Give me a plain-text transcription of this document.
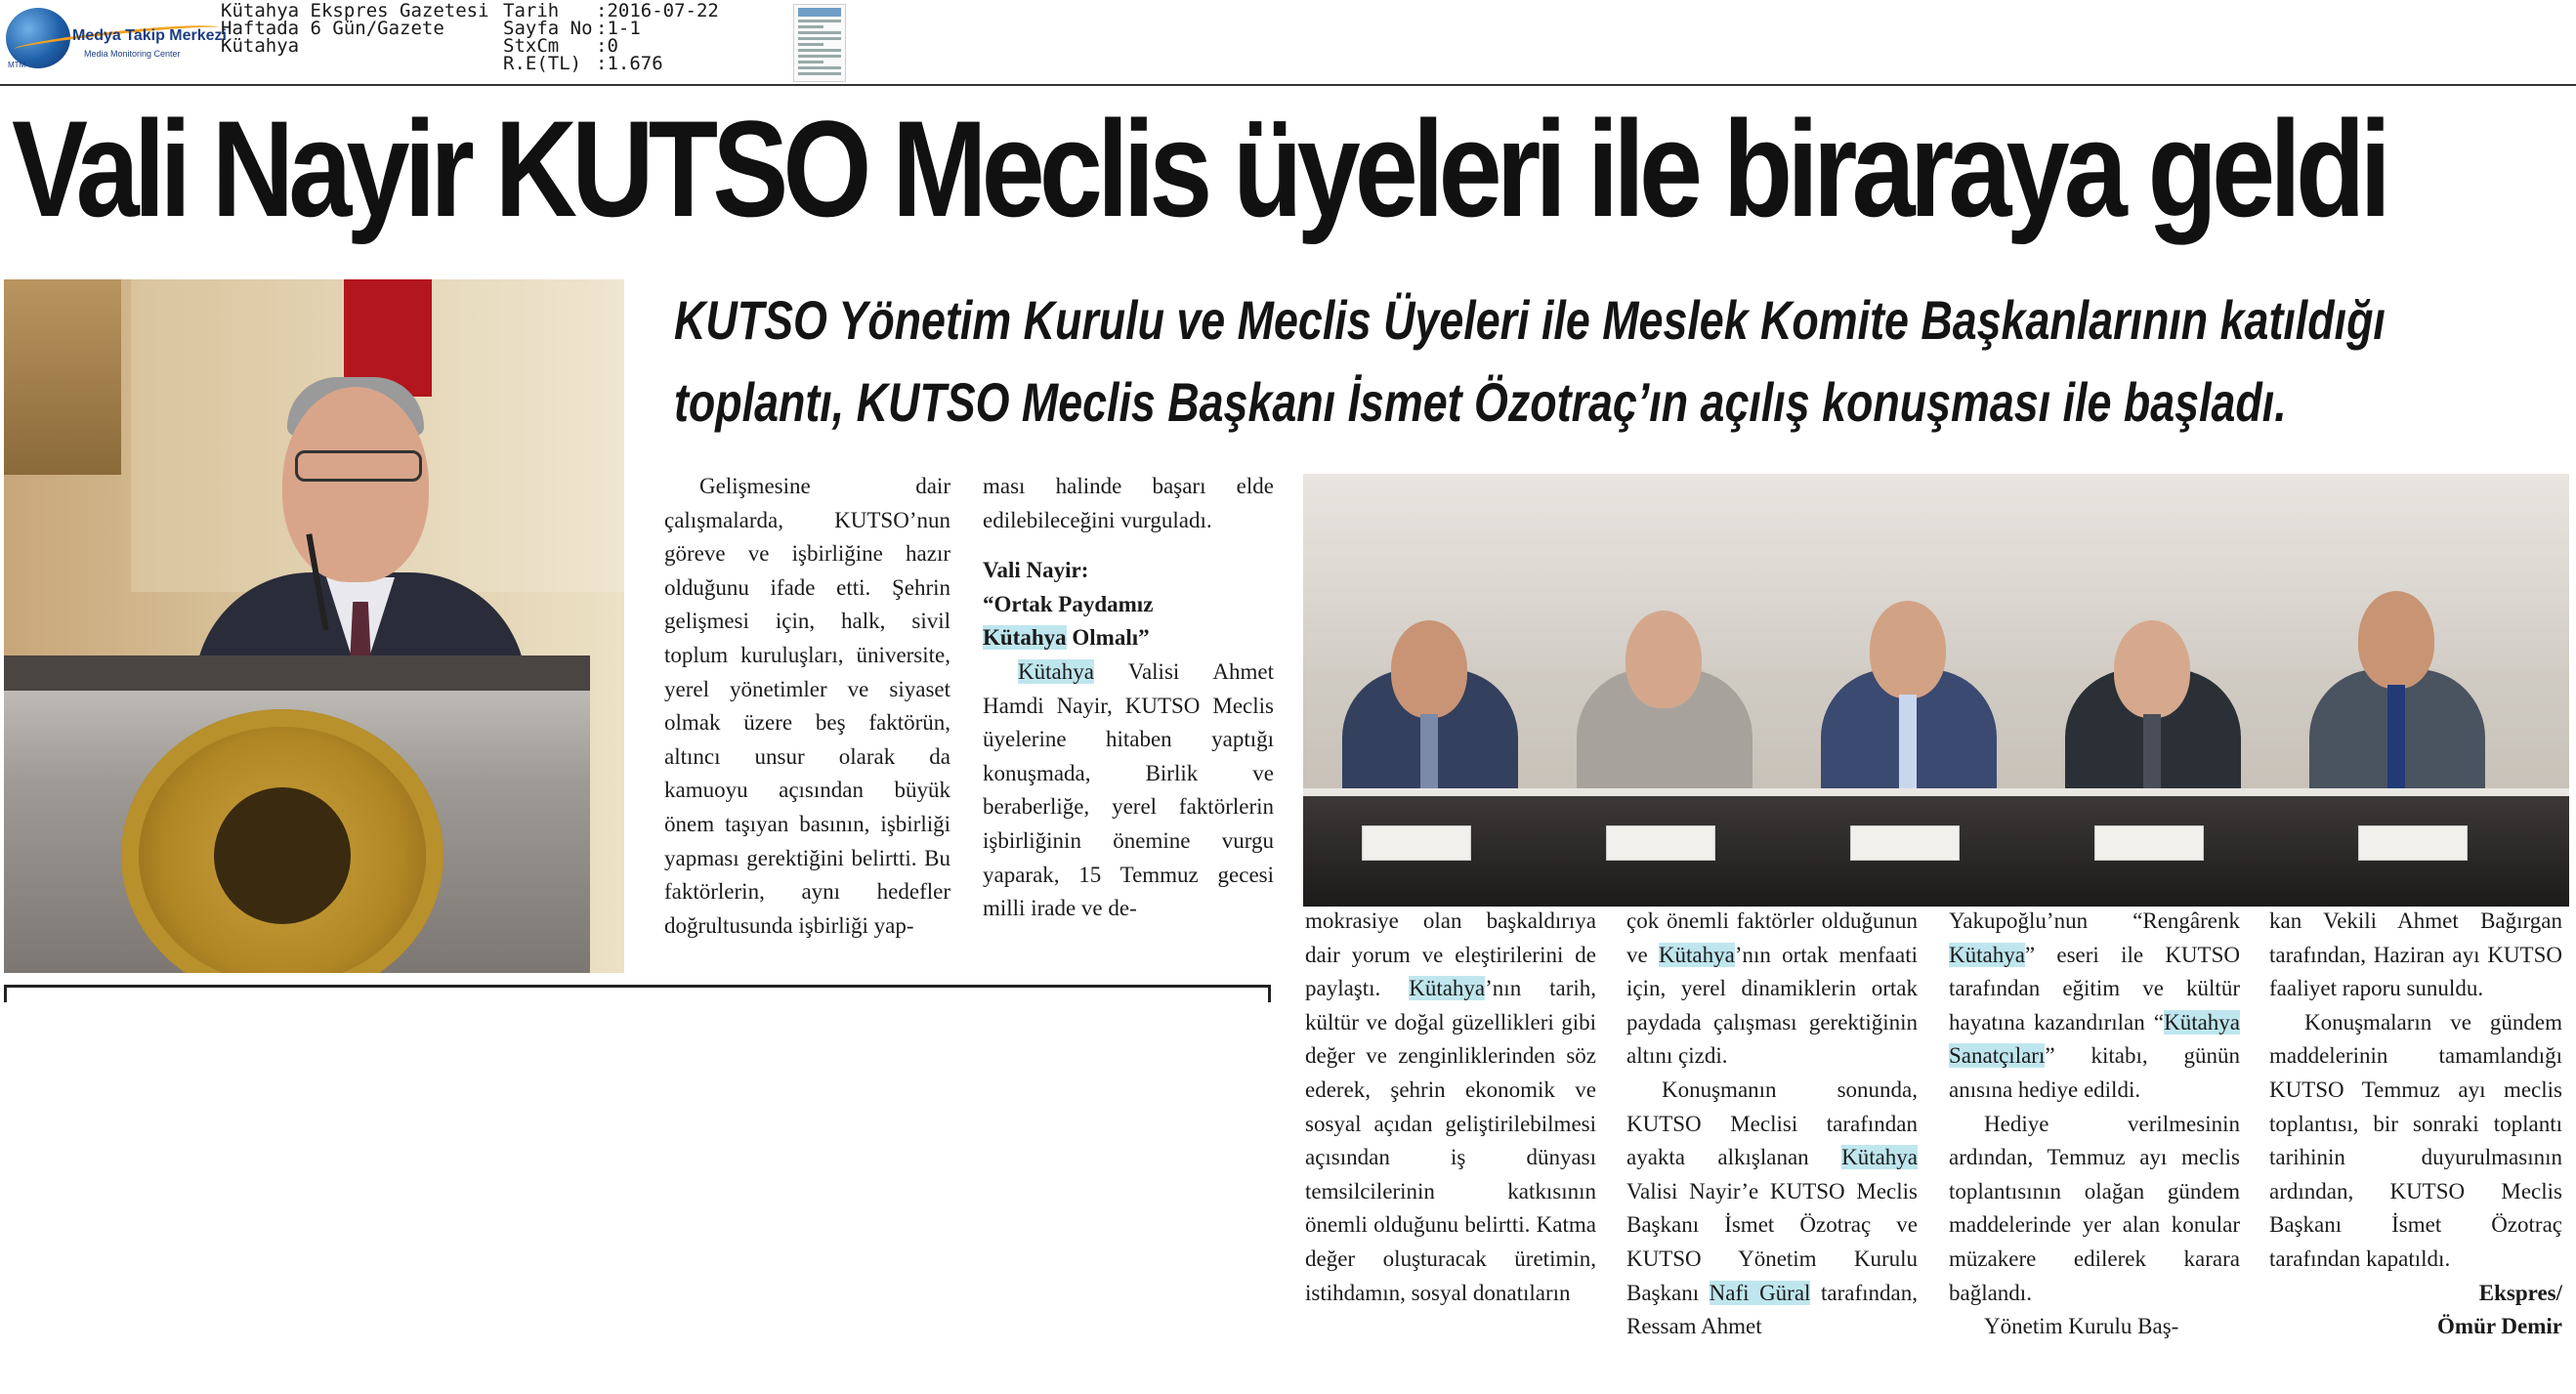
Medya Takip Merkezi
Media Monitoring Center
MTM
Kütahya Ekspres Gazetesi
Haftada 6 Gün/Gazete
Kütahya
Tarih	:2016-07-22
Sayfa No :1-1
StxCm	:0
R.E(TL) :1.676
Vali Nayir KUTSO Meclis üyeleri ile biraraya geldi
KUTSO Yönetim Kurulu ve Meclis Üyeleri ile Meslek Komite Başkanlarının katıldığı
toplantı, KUTSO Meclis Başkanı İsmet Özotraç’ın açılış konuşması ile başladı.

Gelişmesine dair çalışmalarda, KUTSO’nun göreve ve işbirliğine hazır olduğunu ifade etti. Şehrin gelişmesi için, halk, sivil toplum kuruluşları, üniversite, yerel yönetimler ve siyaset olmak üzere beş faktörün, altıncı unsur olarak da kamuoyu açısından büyük önem taşıyan basının, işbirliği yapması gerektiğini belirtti. Bu faktörlerin, aynı hedefler doğrultusunda işbirliği yap-

ması halinde başarı elde edilebileceğini vurguladı.

Vali Nayir:

“Ortak Paydamız

Kütahya Olmalı”

Kütahya Valisi Ahmet Hamdi Nayir, KUTSO Meclis üyelerine hitaben yaptığı konuşmada, Birlik ve beraberliğe, yerel faktörlerin işbirliğinin önemine vurgu yaparak, 15 Temmuz gecesi milli irade ve de-

mokrasiye olan başkaldırıya dair yorum ve eleştirilerini de paylaştı. Kütahya’nın tarih, kültür ve doğal güzellikleri gibi değer ve zenginliklerinden söz ederek, şehrin ekonomik ve sosyal açıdan geliştirilebilmesi açısından iş dünyası temsilcilerinin katkısının önemli olduğunu belirtti. Katma değer oluşturacak üretimin, istihdamın, sosyal donatıların

çok önemli faktörler olduğunun ve Kütahya’nın ortak menfaati için, yerel dinamiklerin ortak paydada çalışması gerektiğinin altını çizdi.

Konuşmanın sonunda, KUTSO Meclisi tarafından ayakta alkışlanan Kütahya Valisi Nayir’e KUTSO Meclis Başkanı İsmet Özotraç ve KUTSO Yönetim Kurulu Başkanı Nafi Güral tarafından, Ressam Ahmet

Yakupoğlu’nun “Rengârenk Kütahya” eseri ile KUTSO tarafından eğitim ve kültür hayatına kazandırılan “Kütahya Sanatçıları” kitabı, günün anısına hediye edildi.

Hediye verilmesinin ardından, Temmuz ayı meclis toplantısının olağan gündem maddelerinde yer alan konular müzakere edilerek karara bağlandı.

Yönetim Kurulu Baş-

kan Vekili Ahmet Bağırgan tarafından, Haziran ayı KUTSO faaliyet raporu sunuldu.

Konuşmaların ve gündem maddelerinin tamamlandığı KUTSO Temmuz ayı meclis toplantısı, bir sonraki toplantı tarihinin duyurulmasının ardından, KUTSO Meclis Başkanı İsmet Özotraç tarafından kapatıldı.

Ekspres/

Ömür Demir
